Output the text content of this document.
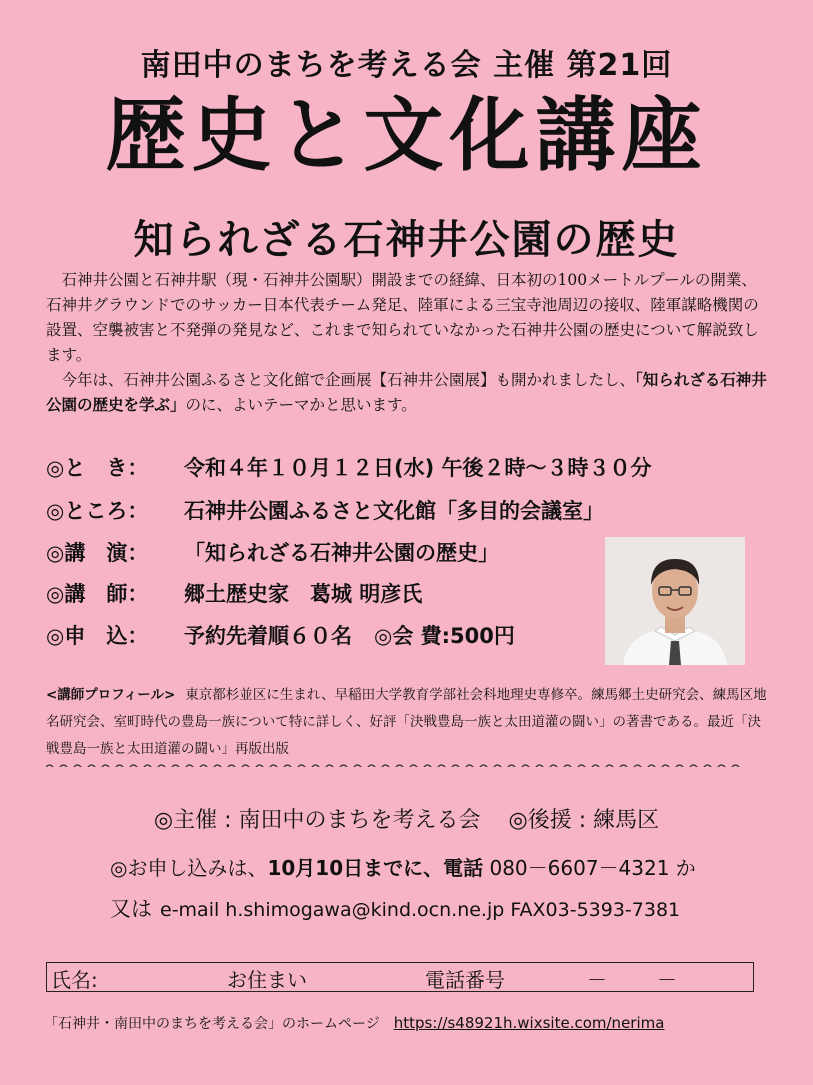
南田中のまちを考える会 主催 第21回
歴史と文化講座
知られざる石神井公園の歴史

石神井公園と石神井駅（現・石神井公園駅）開設までの経緯、日本初の100メートルプールの開業、石神井グラウンドでのサッカー日本代表チーム発足、陸軍による三宝寺池周辺の接収、陸軍謀略機関の設置、空襲被害と不発弾の発見など、これまで知られていなかった石神井公園の歴史について解説致します。

今年は、石神井公園ふるさと文化館で企画展【石神井公園展】も開かれましたし、「知られざる石神井公園の歴史を学ぶ」のに、よいテーマかと思います。

◎と　き： 令和４年１０月１２日(水) 午後２時～３時３０分
◎ところ： 石神井公園ふるさと文化館「多目的会議室」
◎講　演： 「知られざる石神井公園の歴史」
◎講　師： 郷土歴史家　葛城 明彦氏
◎申　込： 予約先着順６０名 ◎会 費:500円
<講師プロフィール> 東京都杉並区に生まれ、早稲田大学教育学部社会科地理史専修卒。練馬郷土史研究会、練馬区地名研究会、室町時代の豊島一族について特に詳しく、好評「決戦豊島一族と太田道灌の闘い」の著書である。最近「決戦豊島一族と太田道灌の闘い」再版出版
◎主催 : 南田中のまちを考える会 ◎後援 : 練馬区
◎お申し込みは、10月10日までに、電話 080－6607－4321 か
又は e-mail h.shimogawa@kind.ocn.ne.jp FAX03-5393-7381
氏名:	お住まい	電話番号	－	－
「石神井・南田中のまちを考える会」のホームページ https://s48921h.wixsite.com/nerima
